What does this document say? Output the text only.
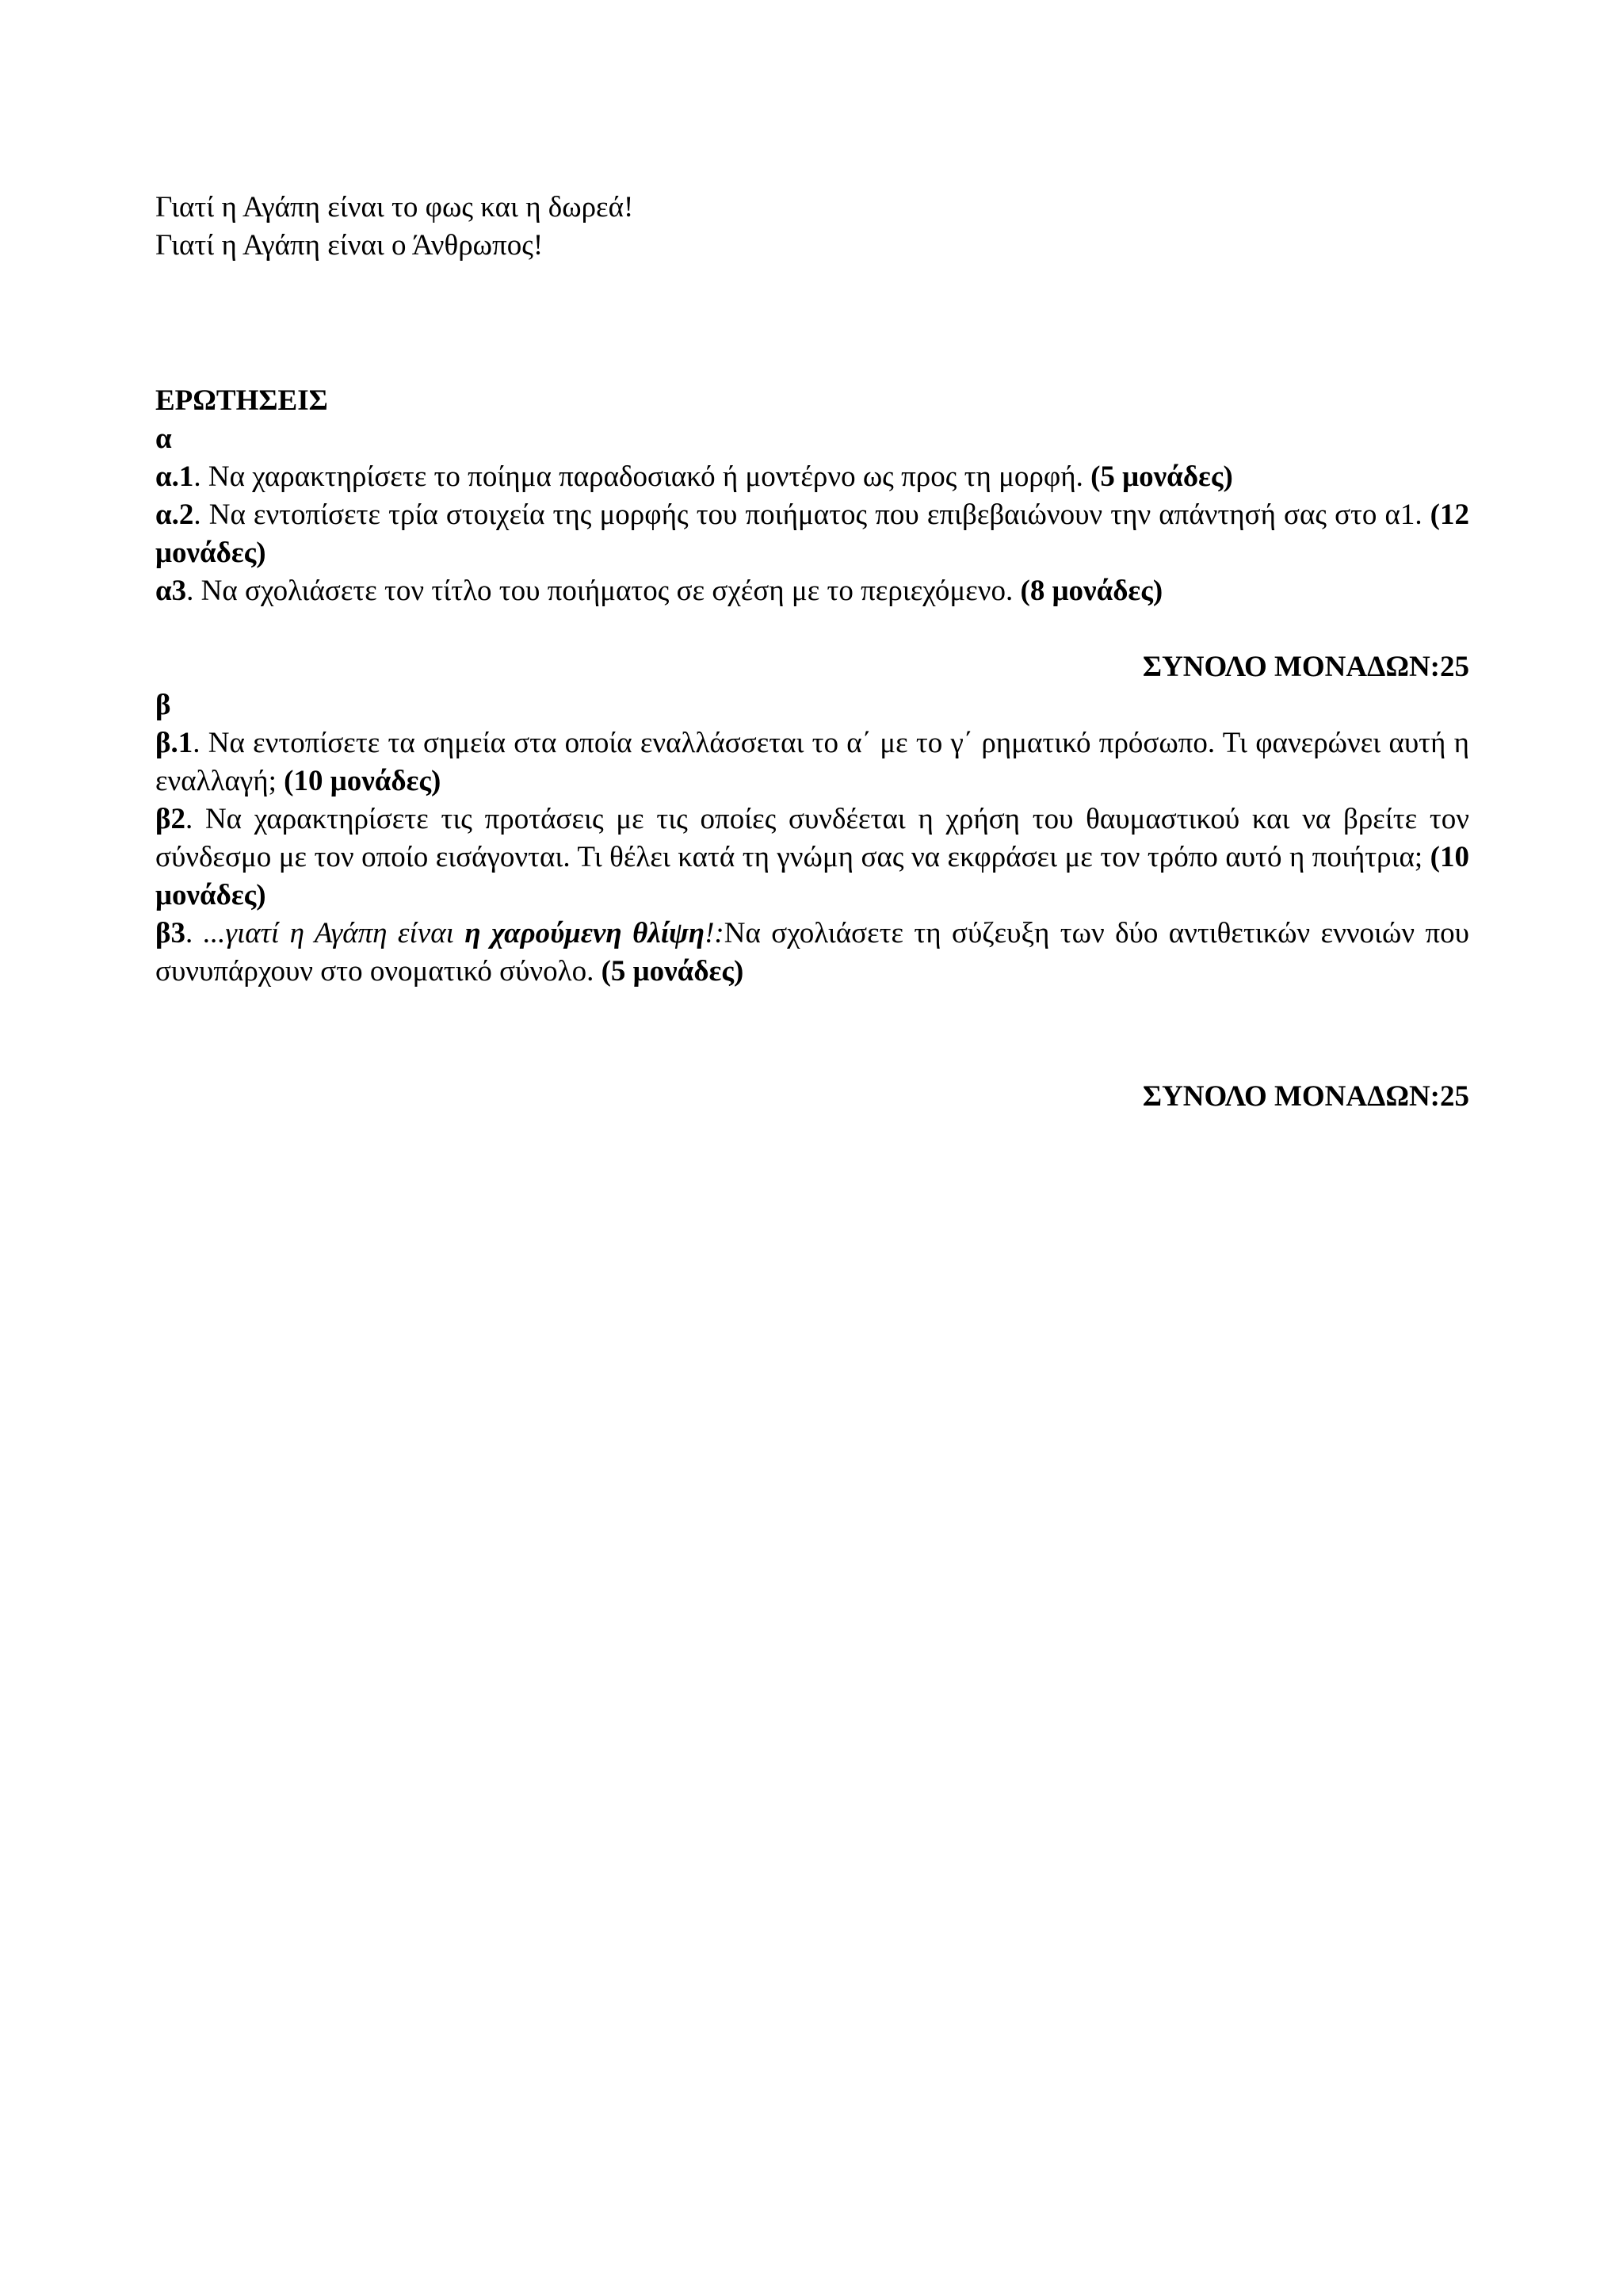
Γιατί η Αγάπη είναι το φως και η δωρεά!
Γιατί η Αγάπη είναι ο Άνθρωπος!
ΕΡΩΤΗΣΕΙΣ
α
α.1. Να χαρακτηρίσετε το ποίημα παραδοσιακό ή μοντέρνο ως προς τη μορφή. (5 μονάδες)
α.2. Να εντοπίσετε τρία στοιχεία της μορφής του ποιήματος που επιβεβαιώνουν την απάντησή σας στο α1. (12 μονάδες)
α3. Να σχολιάσετε τον τίτλο του ποιήματος σε σχέση με το περιεχόμενο. (8 μονάδες)
ΣΥΝΟΛΟ ΜΟΝΑΔΩΝ:25
β
β.1. Να εντοπίσετε τα σημεία στα οποία εναλλάσσεται το α΄ με το γ΄ ρηματικό πρόσωπο. Τι φανερώνει αυτή η εναλλαγή; (10 μονάδες)
β2. Να χαρακτηρίσετε τις προτάσεις με τις οποίες συνδέεται η χρήση του θαυμαστικού και να βρείτε τον σύνδεσμο με τον οποίο εισάγονται. Τι θέλει κατά τη γνώμη σας να εκφράσει με τον τρόπο αυτό η ποιήτρια; (10 μονάδες)
β3. ...γιατί η Αγάπη είναι η χαρούμενη θλίψη!:Να σχολιάσετε τη σύζευξη των δύο αντιθετικών εννοιών που συνυπάρχουν στο ονοματικό σύνολο. (5 μονάδες)
ΣΥΝΟΛΟ ΜΟΝΑΔΩΝ:25
